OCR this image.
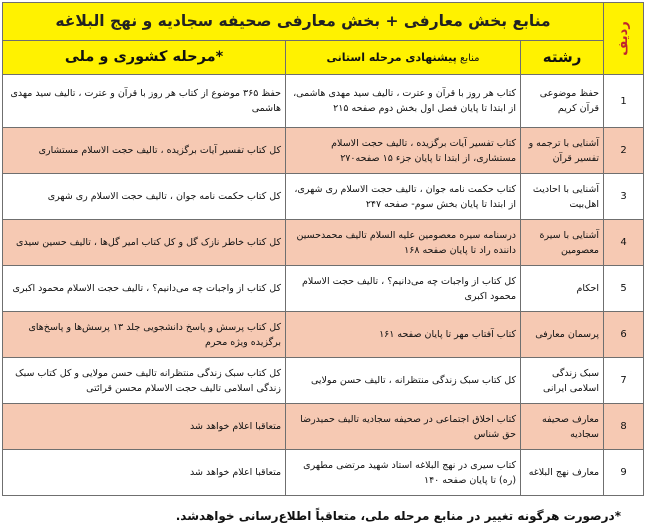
ردیف	منابع بخش معارفی + بخش معارفی صحیفه سجادیه و نهج البلاغه		
	رشته	منابع پیشنهادی مرحله استانی	*مرحله کشوری و ملی
1	حفظ موضوعی قرآن کریم	کتاب هر روز با قرآن و عترت ، تالیف سید مهدی هاشمی، از ابتدا تا پایان فصل اول بخش دوم صفحه ۲۱۵	حفظ ۳۶۵ موضوع از کتاب هر روز با قرآن و عترت ، تالیف سید مهدی هاشمی
2	آشنایی با ترجمه و تفسیر قرآن	کتاب تفسیر آیات برگزیده ، تالیف حجت الاسلام مستشاری، از ابتدا تا پایان جزء ۱۵ صفحه۲۷۰	کل کتاب تفسیر آیات برگزیده ، تالیف حجت الاسلام مستشاری
3	آشنایی با احادیث اهل‌بیت	کتاب حکمت نامه جوان ، تالیف حجت الاسلام ری شهری، از ابتدا تا پایان بخش سوم- صفحه ۲۴۷	کل کتاب حکمت نامه جوان ، تالیف حجت الاسلام ری شهری
4	آشنایی با سیرة معصومین	درسنامه سیره معصومین علیه السلام تالیف محمدحسین داننده راد تا پایان صفحه ۱۶۸	کل کتاب خاطر نازک گل و کل کتاب امیر گل‌ها ، تالیف حسین سیدی
5	احکام	کل کتاب از واجبات چه می‌دانیم؟ ، تالیف حجت الاسلام محمود اکبری	کل کتاب از واجبات چه می‌دانیم؟ ، تالیف حجت الاسلام محمود اکبری
6	پرسمان معارفی	کتاب آفتاب مهر تا پایان صفحه ۱۶۱	کل کتاب پرسش و پاسخ دانشجویی جلد ۱۳ پرسش‌ها و پاسخ‌های برگزیده ویژه محرم
7	سبک زندگی اسلامی ایرانی	کل کتاب سبک زندگی منتظرانه ، تالیف حسن مولایی	کل کتاب سبک زندگی منتظرانه تالیف حسن مولایی و کل کتاب سبک زندگی اسلامی تالیف حجت الاسلام محسن قرائتی
8	معارف صحیفه سجادیه	کتاب اخلاق اجتماعی در صحیفه سجادیه تالیف حمیدرضا حق شناس	متعاقبا اعلام خواهد شد
9	معارف نهج البلاغه	کتاب سیری در نهج البلاغه استاد شهید مرتضی مطهری (ره) تا پایان صفحه ۱۴۰	متعاقبا اعلام خواهد شد
*درصورت هرگونه تغییر در منابع مرحله ملی، متعاقباً اطلاع‌رسانی خواهدشد.
